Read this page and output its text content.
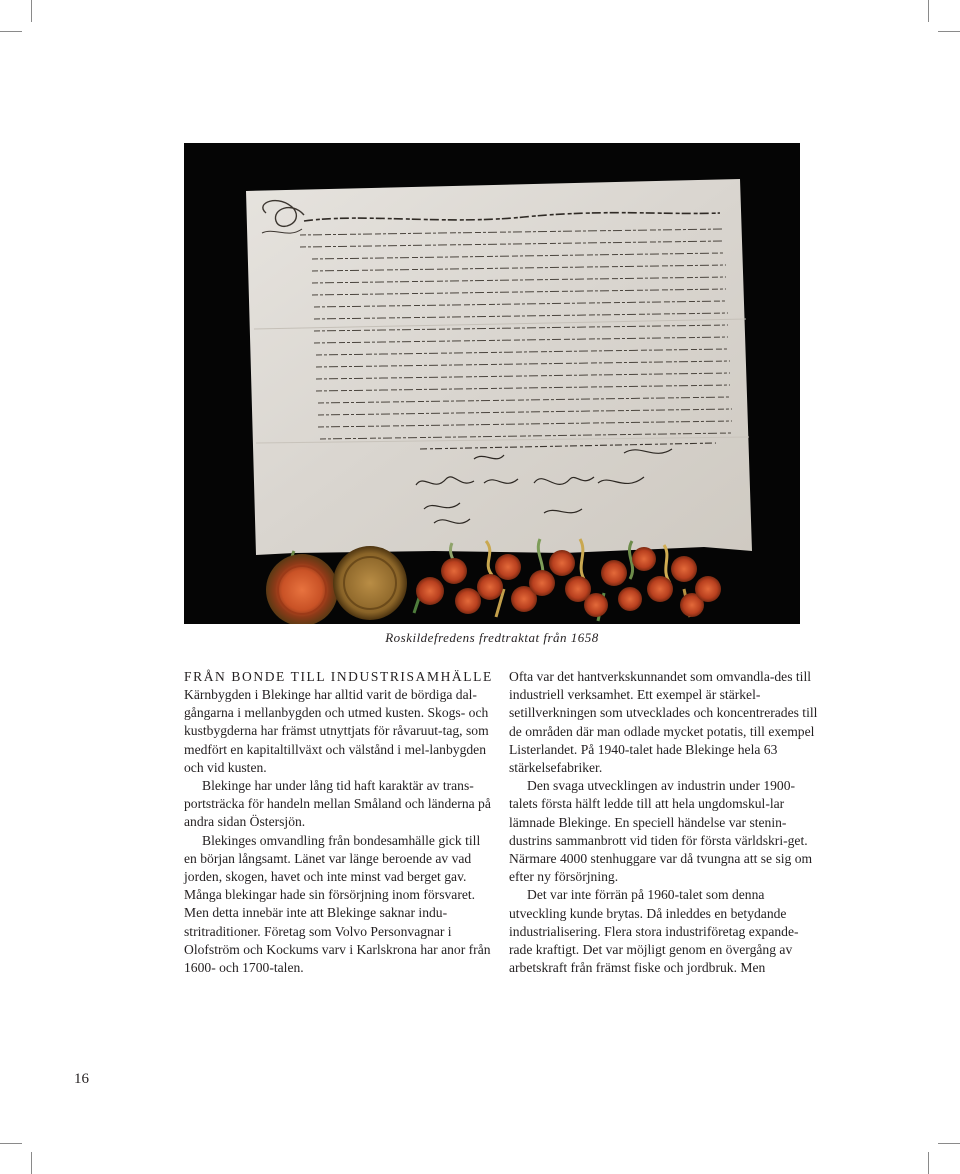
Roskildefredens fredtraktat från 1658
FRÅN BONDE TILL INDUSTRISAMHÄLLE

Kärnbygden i Blekinge har alltid varit de bördiga dal-gångarna i mellanbygden och utmed kusten. Skogs- och kustbygderna har främst utnyttjats för råvaruut-tag, som medfört en kapitaltillväxt och välstånd i mel-lanbygden och vid kusten.

Blekinge har under lång tid haft karaktär av trans-portsträcka för handeln mellan Småland och länderna på andra sidan Östersjön.

Blekinges omvandling från bondesamhälle gick till en början långsamt. Länet var länge beroende av vad jorden, skogen, havet och inte minst vad berget gav. Många blekingar hade sin försörjning inom försvaret. Men detta innebär inte att Blekinge saknar indu-stritraditioner. Företag som Volvo Personvagnar i Olofström och Kockums varv i Karlskrona har anor från 1600- och 1700-talen.

Ofta var det hantverkskunnandet som omvandla-des till industriell verksamhet. Ett exempel är stärkel-setillverkningen som utvecklades och koncentrerades till de områden där man odlade mycket potatis, till exempel Listerlandet. På 1940-talet hade Blekinge hela 63 stärkelsefabriker.

Den svaga utvecklingen av industrin under 1900-talets första hälft ledde till att hela ungdomskul-lar lämnade Blekinge. En speciell händelse var stenin-dustrins sammanbrott vid tiden för första världskri-get. Närmare 4000 stenhuggare var då tvungna att se sig om efter ny försörjning.

Det var inte förrän på 1960-talet som denna utveckling kunde brytas. Då inleddes en betydande industrialisering. Flera stora industriföretag expande-rade kraftigt. Det var möjligt genom en övergång av arbetskraft från främst fiske och jordbruk. Men

16
